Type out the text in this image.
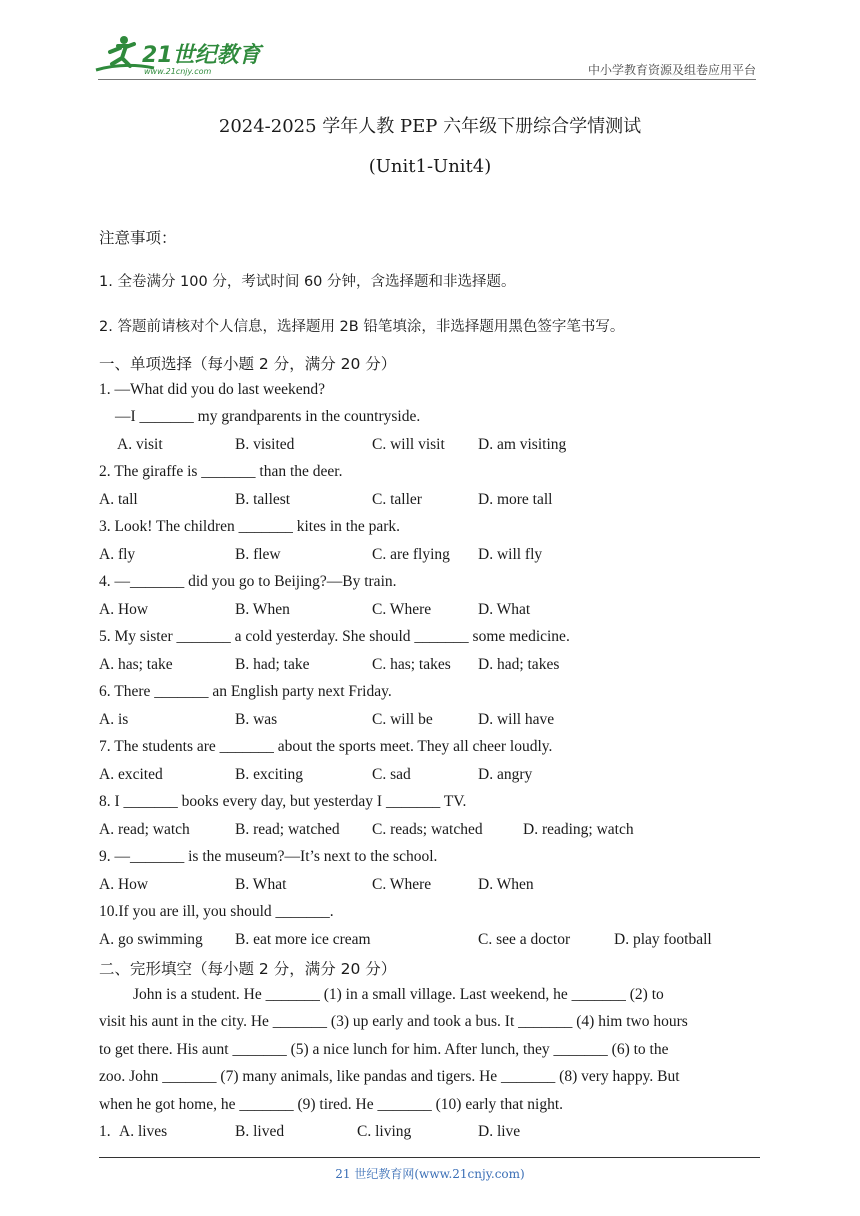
21世纪教育
www.21cnjy.com	中小学教育资源及组卷应用平台
2024-2025 学年人教 PEP 六年级下册综合学情测试
(Unit1-Unit4)
注意事项：
1. 全卷满分 100 分，考试时间 60 分钟，含选择题和非选择题。
2. 答题前请核对个人信息，选择题用 2B 铅笔填涂，非选择题用黑色签字笔书写。
一、单项选择（每小题 2 分，满分 20 分）
1. —What did you do last weekend?
—I _______ my grandparents in the countryside.
A. visit	B. visited	C. will visit D. am visiting
2. The giraffe is _______ than the deer.
A. tall	B. tallest	C. taller	D. more tall
3. Look! The children _______ kites in the park.
A. fly	B. flew	C. are flying D. will fly
4. —_______ did you go to Beijing?—By train.
A. How	B. When	C. Where	D. What
5. My sister _______ a cold yesterday. She should _______ some medicine.
A. has; take	B. had; take	C. has; takes D. had; takes
6. There _______ an English party next Friday.
A. is	B. was	C. will be	D. will have
7. The students are _______ about the sports meet. They all cheer loudly.
A. excited	B. exciting	C. sad	D. angry
8. I _______ books every day, but yesterday I _______ TV.
A. read; watch	B. read; watched C. reads; watched	D. reading; watch
9. —_______ is the museum?—It’s next to the school.
A. How	B. What	C. Where	D. When
10.If you are ill, you should _______.
A. go swimming B. eat more ice cream	C. see a doctor	D. play football
二、完形填空（每小题 2 分，满分 20 分）
John is a student. He _______ (1) in a small village. Last weekend, he _______ (2) to
visit his aunt in the city. He _______ (3) up early and took a bus. It _______ (4) him two hours
to get there. His aunt _______ (5) a nice lunch for him. After lunch, they _______ (6) to the
zoo. John _______ (7) many animals, like pandas and tigers. He _______ (8) very happy. But
when he got home, he _______ (9) tired. He _______ (10) early that night.
1. A. lives	B. lived	C. living	D. live
21 世纪教育网(www.21cnjy.com)
